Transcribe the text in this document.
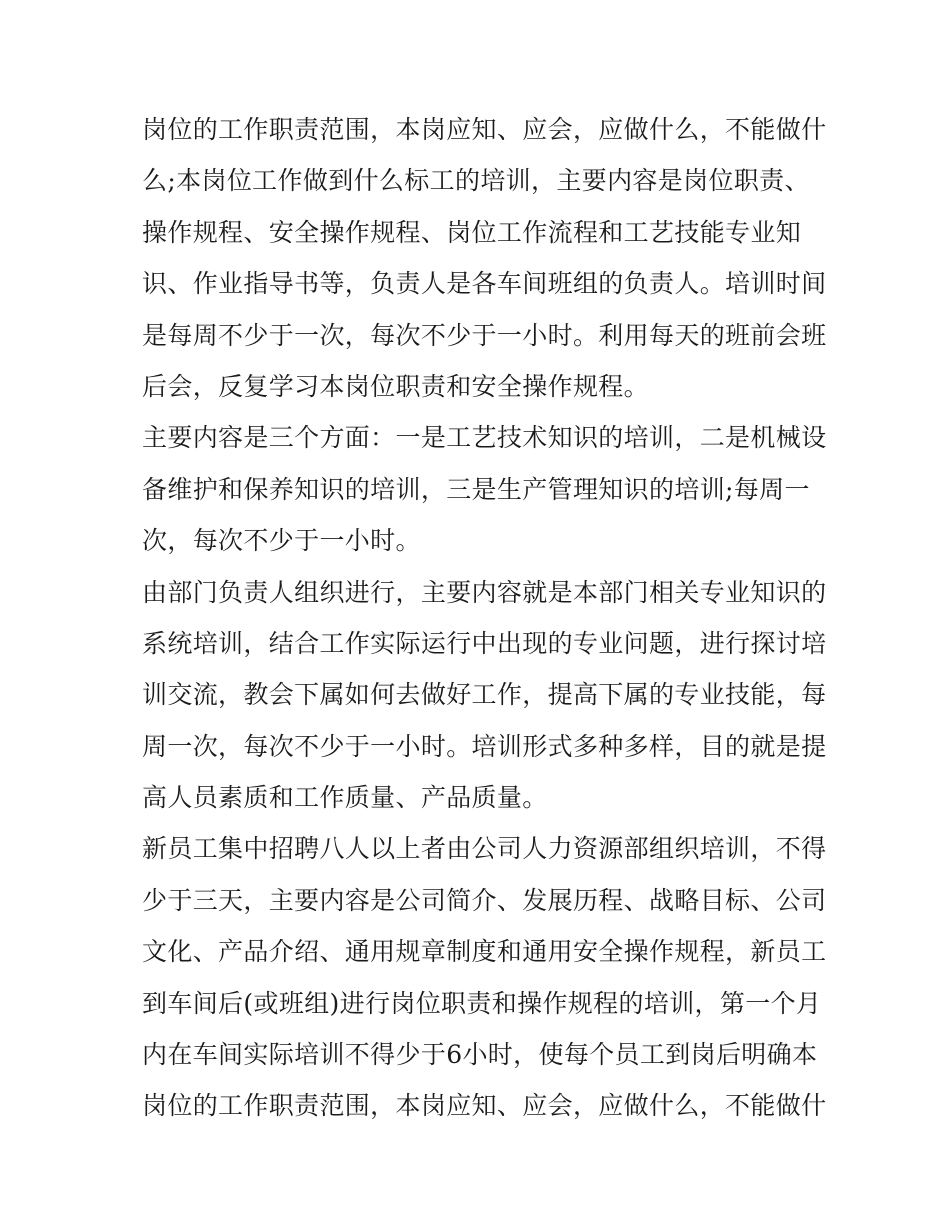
岗位的工作职责范围，本岗应知、应会，应做什么，不能做什
么;本岗位工作做到什么标工的培训，主要内容是岗位职责、
操作规程、安全操作规程、岗位工作流程和工艺技能专业知
识、作业指导书等，负责人是各车间班组的负责人。培训时间
是每周不少于一次，每次不少于一小时。利用每天的班前会班
后会，反复学习本岗位职责和安全操作规程。
主要内容是三个方面：一是工艺技术知识的培训，二是机械设
备维护和保养知识的培训，三是生产管理知识的培训;每周一
次，每次不少于一小时。
由部门负责人组织进行，主要内容就是本部门相关专业知识的
系统培训，结合工作实际运行中出现的专业问题，进行探讨培
训交流，教会下属如何去做好工作，提高下属的专业技能，每
周一次，每次不少于一小时。培训形式多种多样，目的就是提
高人员素质和工作质量、产品质量。
新员工集中招聘八人以上者由公司人力资源部组织培训，不得
少于三天，主要内容是公司简介、发展历程、战略目标、公司
文化、产品介绍、通用规章制度和通用安全操作规程，新员工
到车间后(或班组)进行岗位职责和操作规程的培训，第一个月
内在车间实际培训不得少于6小时，使每个员工到岗后明确本
岗位的工作职责范围，本岗应知、应会，应做什么，不能做什
